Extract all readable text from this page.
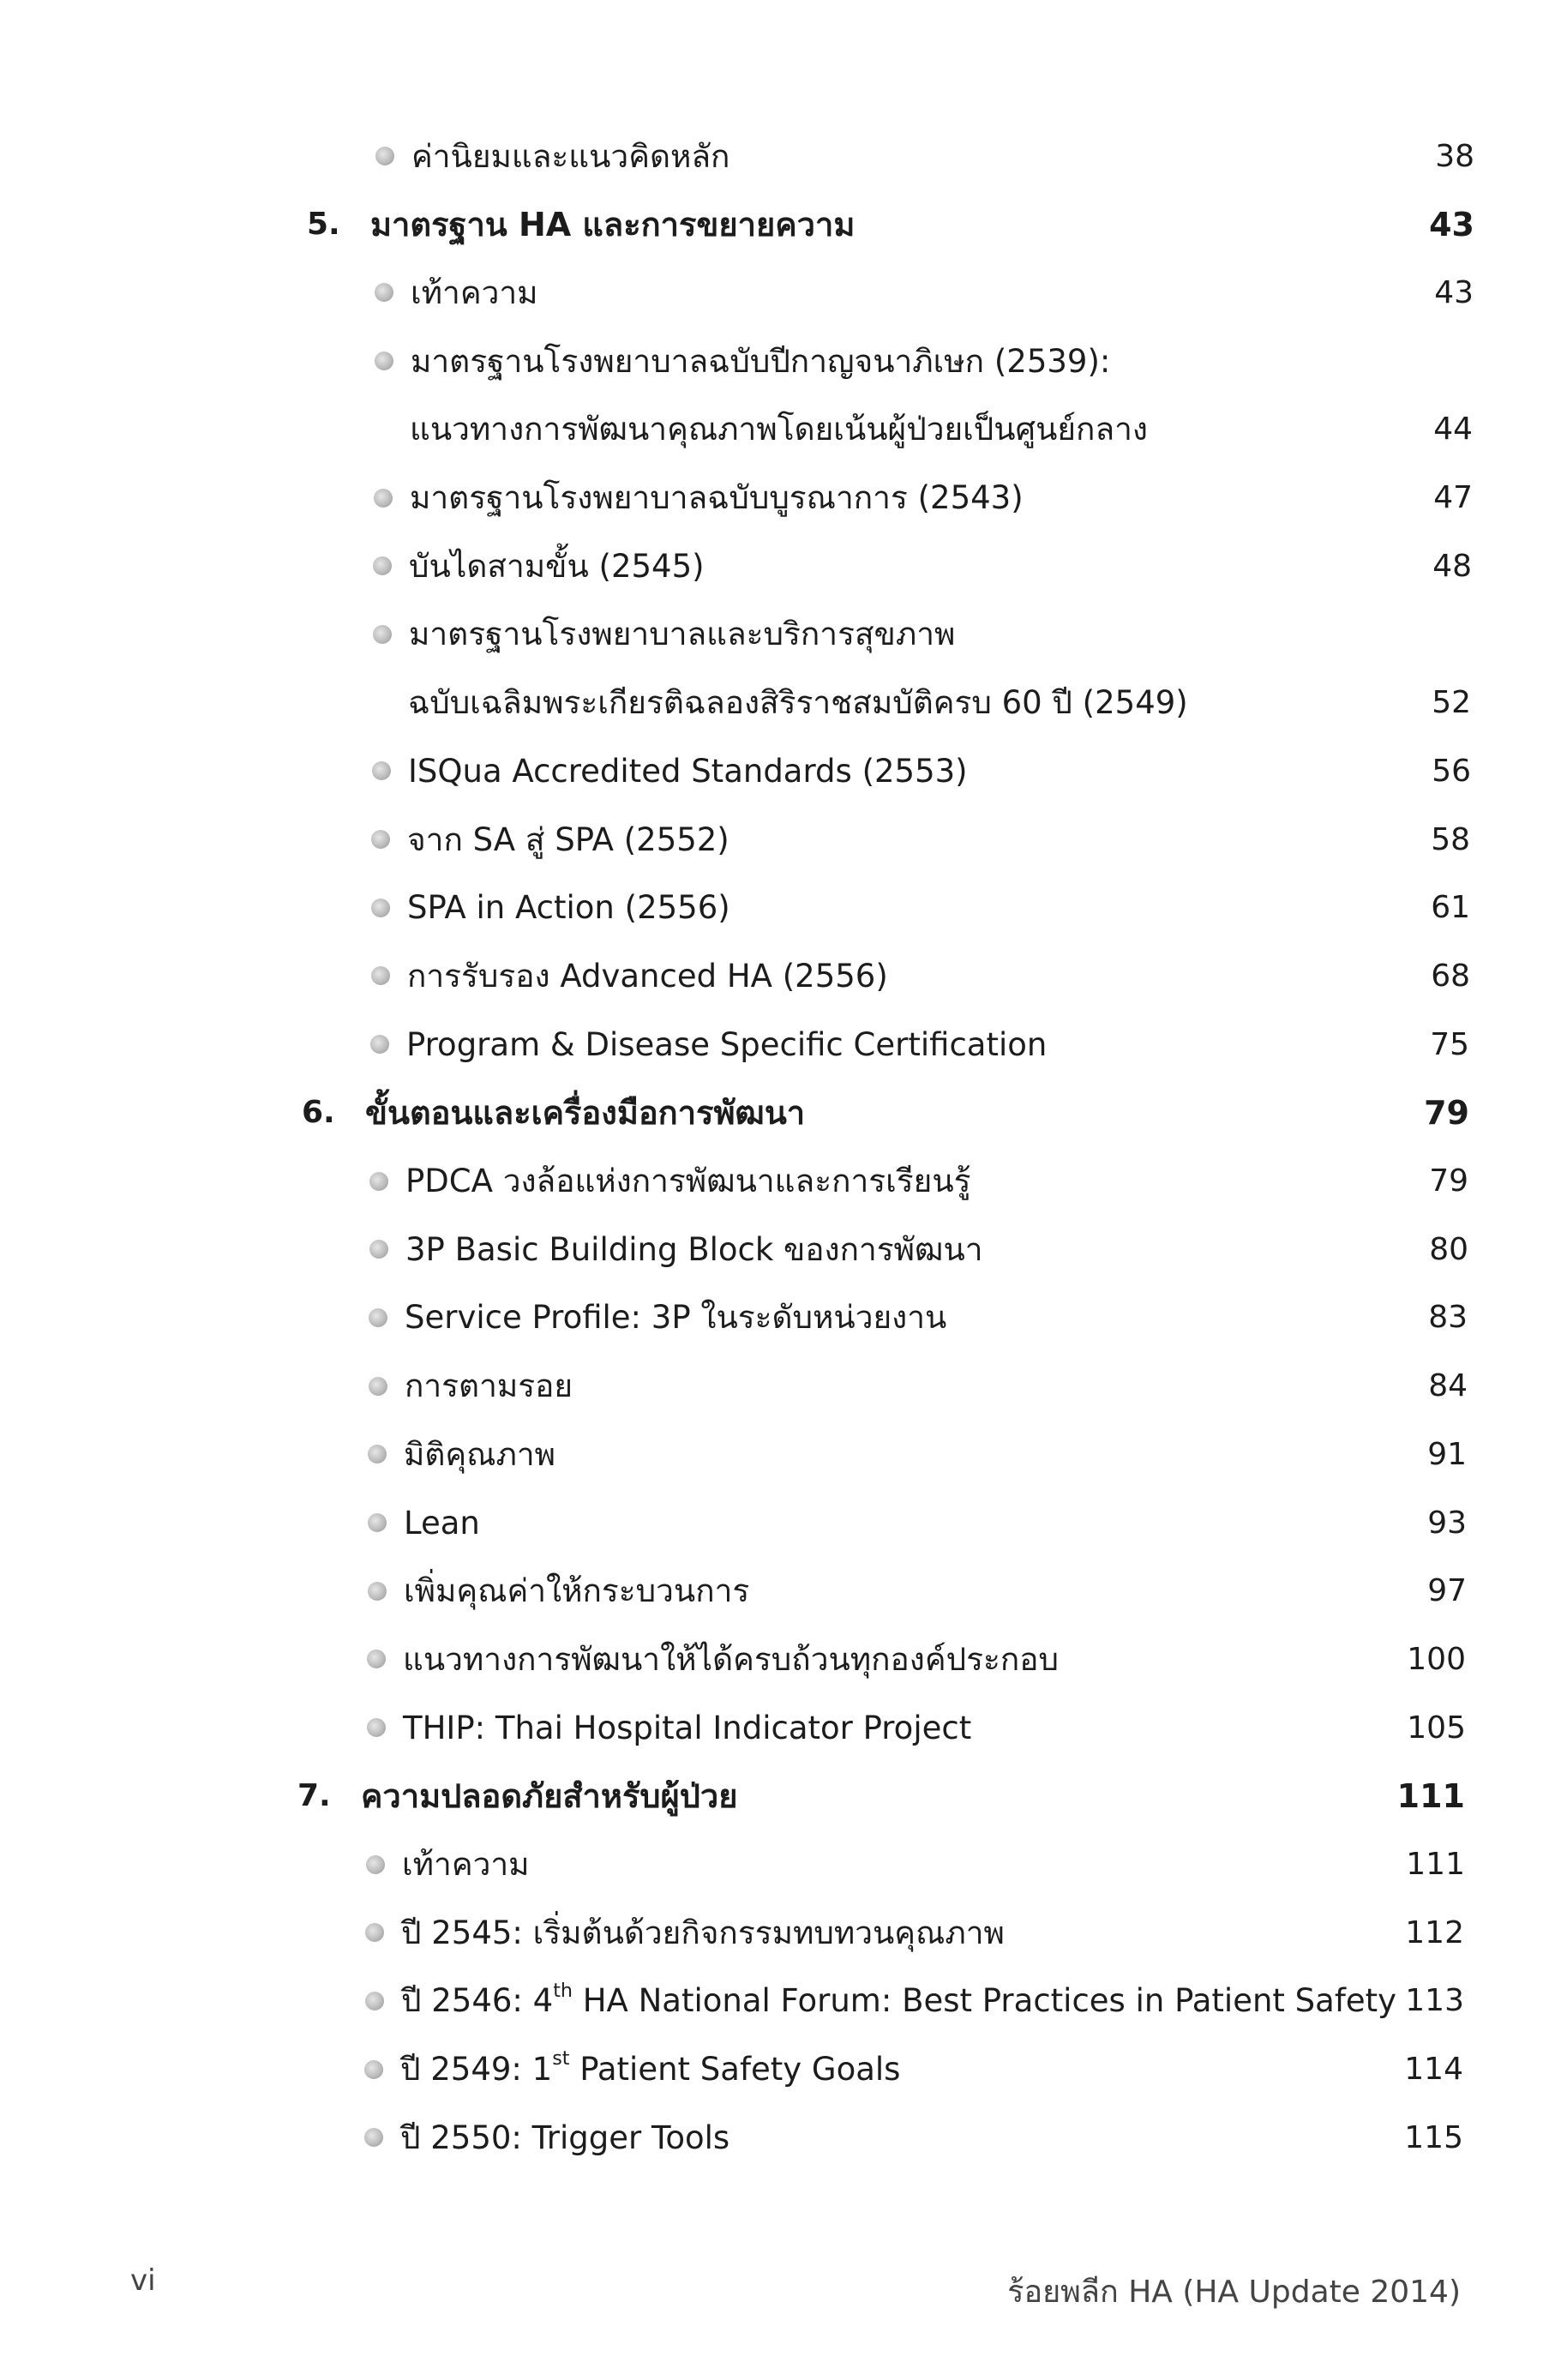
ค่านิยมและแนวคิดหลัก	38
5. มาตรฐาน HA และการขยายความ	43
เท้าความ	43
มาตรฐานโรงพยาบาลฉบับปีกาญจนาภิเษก (2539):
แนวทางการพัฒนาคุณภาพโดยเน้นผู้ป่วยเป็นศูนย์กลาง	44
มาตรฐานโรงพยาบาลฉบับบูรณาการ (2543)	47
บันไดสามขั้น (2545)	48
มาตรฐานโรงพยาบาลและบริการสุขภาพ
ฉบับเฉลิมพระเกียรติฉลองสิริราชสมบัติครบ 60 ปี (2549)	52
ISQua Accredited Standards (2553)	56
จาก SA สู่ SPA (2552)	58
SPA in Action (2556)	61
การรับรอง Advanced HA (2556)	68
Program & Disease Specific Certification	75
6. ขั้นตอนและเครื่องมือการพัฒนา	79
PDCA วงล้อแห่งการพัฒนาและการเรียนรู้	79
3P Basic Building Block ของการพัฒนา	80
Service Profile: 3P ในระดับหน่วยงาน	83
การตามรอย	84
มิติคุณภาพ	91
Lean	93
เพิ่มคุณค่าให้กระบวนการ	97
แนวทางการพัฒนาให้ได้ครบถ้วนทุกองค์ประกอบ	100
THIP: Thai Hospital Indicator Project	105
7. ความปลอดภัยสำหรับผู้ป่วย	111
เท้าความ	111
ปี 2545: เริ่มต้นด้วยกิจกรรมทบทวนคุณภาพ	112
ปี 2546: 4th HA National Forum: Best Practices in Patient Safety 113
ปี 2549: 1st Patient Safety Goals	114
ปี 2550: Trigger Tools	115
vi	ร้อยพลีก HA (HA Update 2014)
